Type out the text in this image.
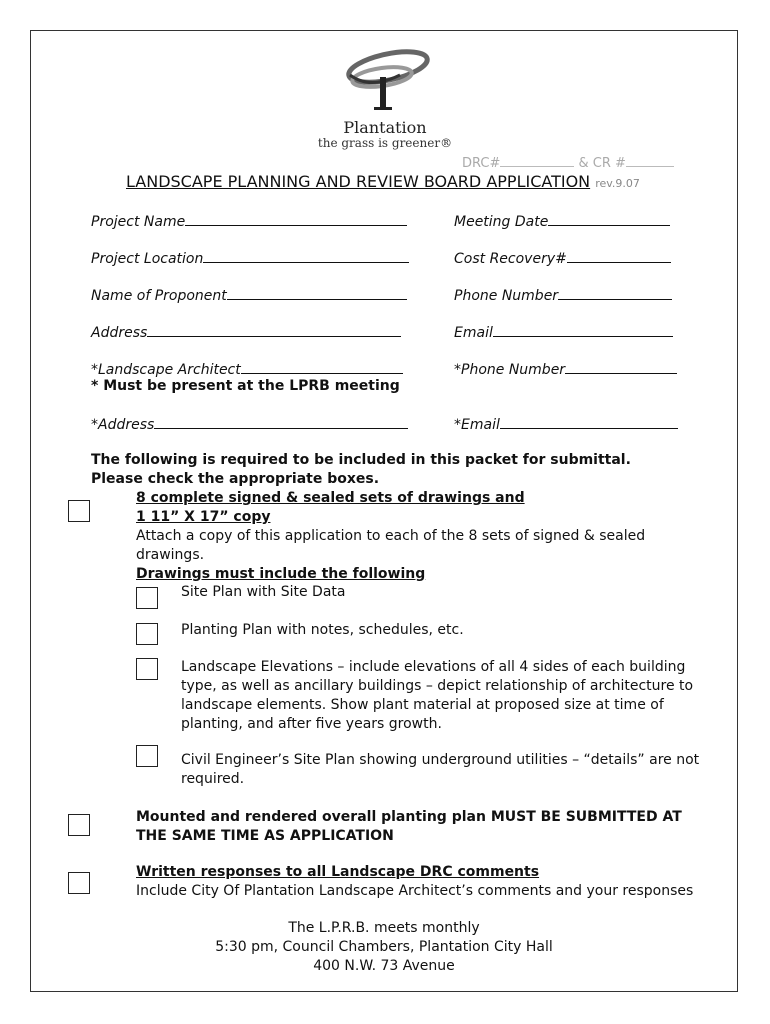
Plantation
the grass is greener®
DRC#	& CR #
LANDSCAPE PLANNING AND REVIEW BOARD APPLICATION rev.9.07
Project Name
Project Location
Name of Proponent
Address
*Landscape Architect
* Must be present at the LPRB meeting
*Address
Meeting Date
Cost Recovery#
Phone Number
Email
*Phone Number
*Email
The following is required to be included in this packet for submittal.
Please check the appropriate boxes.
8 complete signed & sealed sets of drawings and
1 11” X 17” copy
Attach a copy of this application to each of the 8 sets of signed & sealed
drawings.
Drawings must include the following
Site Plan with Site Data
Planting Plan with notes, schedules, etc.
Landscape Elevations – include elevations of all 4 sides of each building
type, as well as ancillary buildings – depict relationship of architecture to
landscape elements. Show plant material at proposed size at time of
planting, and after five years growth.
Civil Engineer’s Site Plan showing underground utilities – “details” are not
required.
Mounted and rendered overall planting plan MUST BE SUBMITTED AT
THE SAME TIME AS APPLICATION
Written responses to all Landscape DRC comments
Include City Of Plantation Landscape Architect’s comments and your responses
The L.P.R.B. meets monthly
5:30 pm, Council Chambers, Plantation City Hall
400 N.W. 73 Avenue
